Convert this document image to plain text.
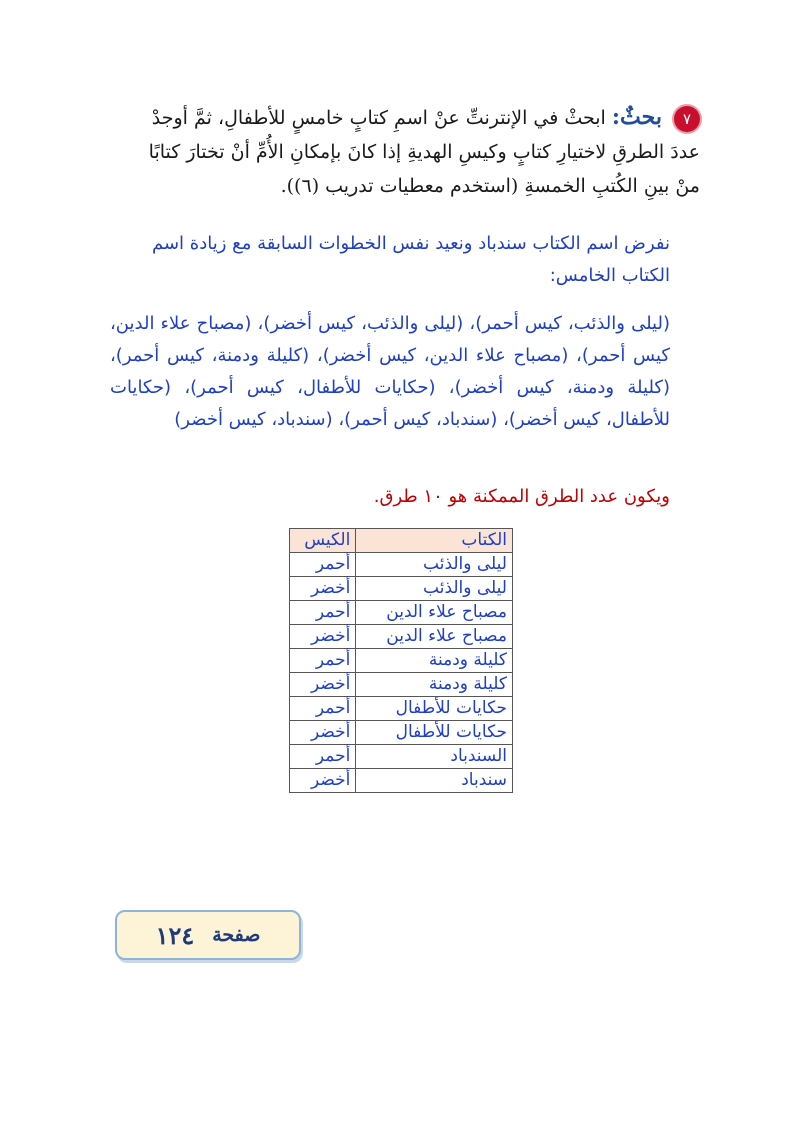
٧ بحثٌ: ابحثْ في الإنترنتِّ عنْ اسمِ كتابٍ خامسٍ للأطفالِ، ثمَّ أوجدْ عددَ الطرقِ لاختيارِ كتابٍ وكيسِ الهديةِ إذا كانَ بإمكانِ الأُمِّ أنْ تختارَ كتابًا منْ بينِ الكُتبِ الخمسةِ (استخدم معطيات تدريب (٦)).
نفرض اسم الكتاب سندباد ونعيد نفس الخطوات السابقة مع زيادة اسم الكتاب الخامس:
(ليلى والذئب، كيس أحمر)، (ليلى والذئب، كيس أخضر)، (مصباح علاء الدين، كيس أحمر)، (مصباح علاء الدين، كيس أخضر)، (كليلة ودمنة، كيس أحمر)، (كليلة ودمنة، كيس أخضر)، (حكايات للأطفال، كيس أحمر)، (حكايات للأطفال، كيس أخضر)، (سندباد، كيس أحمر)، (سندباد، كيس أخضر)
ويكون عدد الطرق الممكنة هو ١٠ طرق.
الكتاب	الكيس
ليلى والذئب	أحمر
ليلى والذئب	أخضر
مصباح علاء الدين	أحمر
مصباح علاء الدين	أخضر
كليلة ودمنة	أحمر
كليلة ودمنة	أخضر
حكايات للأطفال	أحمر
حكايات للأطفال	أخضر
السندباد	أحمر
سندباد	أخضر
صفحة
١٢٤
